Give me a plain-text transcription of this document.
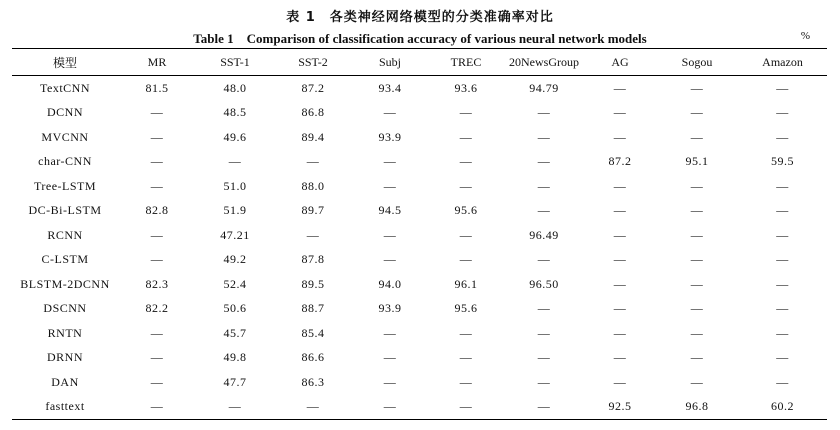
表 1　各类神经网络模型的分类准确率对比
Table 1　Comparison of classification accuracy of various neural network models	%
模型	MR	SST-1	SST-2	Subj	TREC	20NewsGroup	AG	Sogou	Amazon
TextCNN	81.5	48.0	87.2	93.4	93.6	94.79	—	—	—
DCNN	—	48.5	86.8	—	—	—	—	—	—
MVCNN	—	49.6	89.4	93.9	—	—	—	—	—
char-CNN	—	—	—	—	—	—	87.2	95.1	59.5
Tree-LSTM	—	51.0	88.0	—	—	—	—	—	—
DC-Bi-LSTM	82.8	51.9	89.7	94.5	95.6	—	—	—	—
RCNN	—	47.21	—	—	—	96.49	—	—	—
C-LSTM	—	49.2	87.8	—	—	—	—	—	—
BLSTM-2DCNN	82.3	52.4	89.5	94.0	96.1	96.50	—	—	—
DSCNN	82.2	50.6	88.7	93.9	95.6	—	—	—	—
RNTN	—	45.7	85.4	—	—	—	—	—	—
DRNN	—	49.8	86.6	—	—	—	—	—	—
DAN	—	47.7	86.3	—	—	—	—	—	—
fasttext	—	—	—	—	—	—	92.5	96.8	60.2
